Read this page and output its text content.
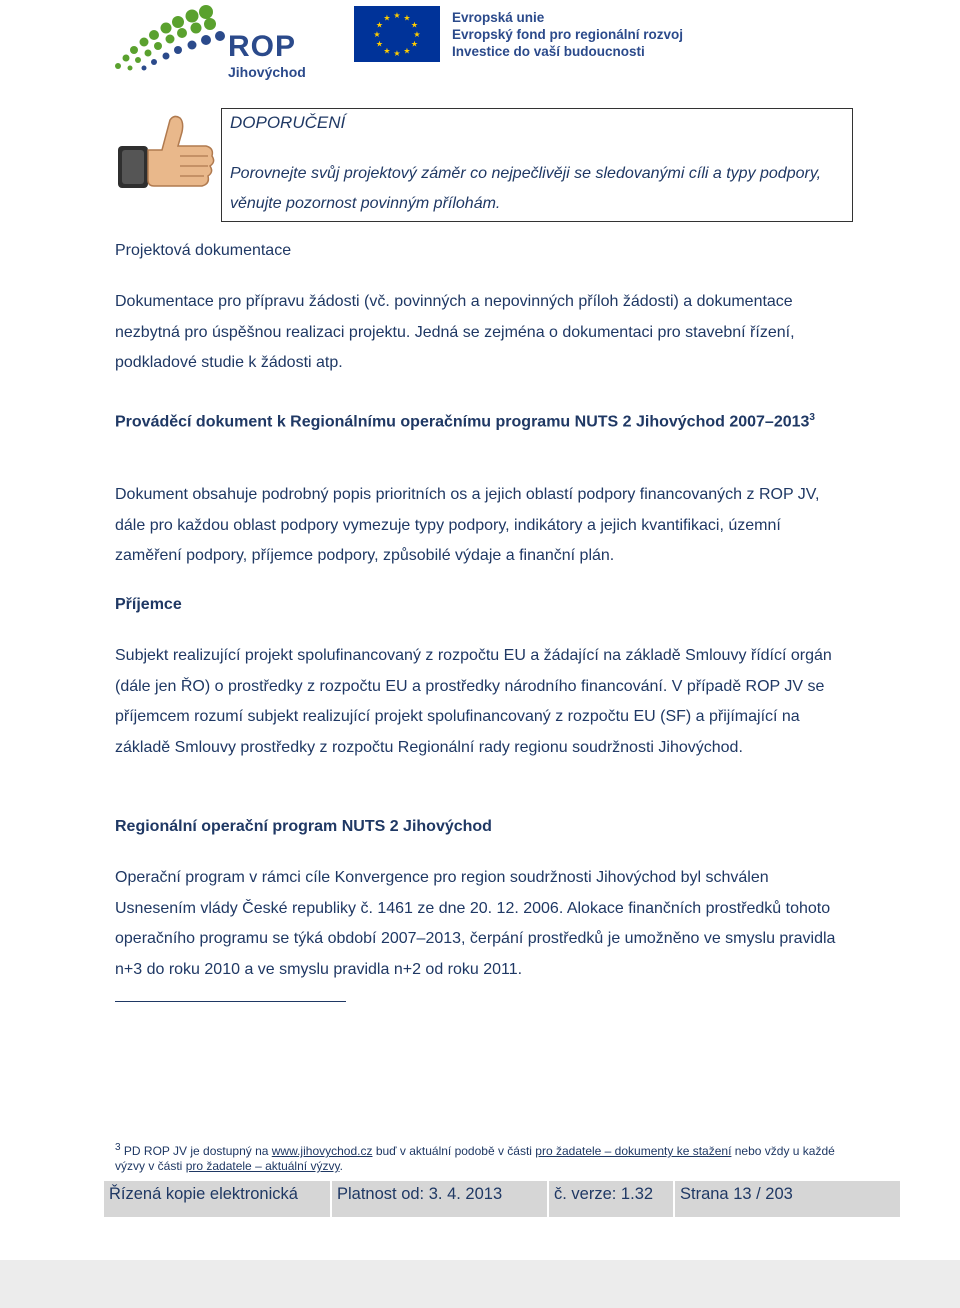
ROP
Jihovýchod
★ ★
★
★
★
★
★
★
★
★
★
★	Evropská unie
Evropský fond pro regionální rozvoj
Investice do vaší budoucnosti
DOPORUČENÍ
Porovnejte svůj projektový záměr co nejpečlivěji se sledovanými cíli a typy podpory, věnujte pozornost povinným přílohám.
Projektová dokumentace

Dokumentace pro přípravu žádosti (vč. povinných a nepovinných příloh žádosti) a dokumentace nezbytná pro úspěšnou realizaci projektu. Jedná se zejména o dokumentaci pro stavební řízení, podkladové studie k žádosti atp.

Prováděcí dokument k Regionálnímu operačnímu programu NUTS 2 Jihovýchod 2007–2013$^3$

Dokument obsahuje podrobný popis prioritních os a jejich oblastí podpory financovaných z ROP JV, dále pro každou oblast podpory vymezuje typy podpory, indikátory a jejich kvantifikaci, územní zaměření podpory, příjemce podpory, způsobilé výdaje a finanční plán.

Příjemce

Subjekt realizující projekt spolufinancovaný z rozpočtu EU a žádající na základě Smlouvy řídící orgán (dále jen ŘO) o prostředky z rozpočtu EU a prostředky národního financování. V případě ROP JV se příjemcem rozumí subjekt realizující projekt spolufinancovaný z rozpočtu EU (SF) a přijímající na základě Smlouvy prostředky z rozpočtu Regionální rady regionu soudržnosti Jihovýchod.

Regionální operační program NUTS 2 Jihovýchod

Operační program v rámci cíle Konvergence pro region soudržnosti Jihovýchod byl schválen Usnesením vlády České republiky č. 1461 ze dne 20. 12. 2006. Alokace finančních prostředků tohoto operačního programu se týká období 2007–2013, čerpání prostředků je umožněno ve smyslu pravidla n+3 do roku 2010 a ve smyslu pravidla n+2 od roku 2011.

$^3$ PD ROP JV je dostupný na www.jihovychod.cz buď v aktuální podobě v části pro žadatele – dokumenty ke stažení nebo vždy u každé výzvy v části pro žadatele – aktuální výzvy.
Řízená kopie elektronická	Platnost od: 3. 4. 2013	č. verze: 1.32	Strana 13 / 203
